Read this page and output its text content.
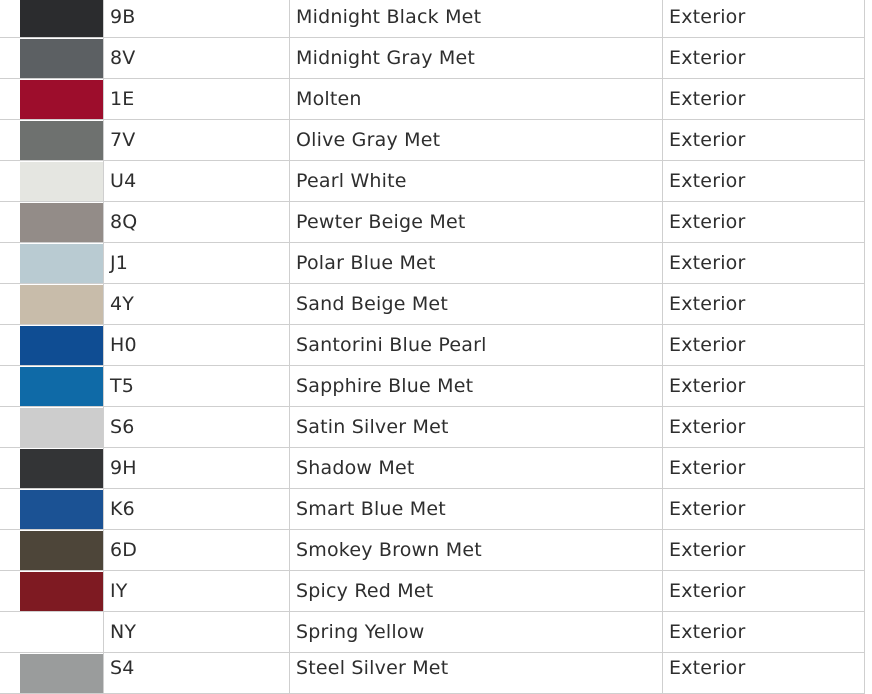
9B	Midnight Black Met	Exterior
8V	Midnight Gray Met	Exterior
1E	Molten	Exterior
7V	Olive Gray Met	Exterior
U4	Pearl White	Exterior
8Q	Pewter Beige Met	Exterior
J1	Polar Blue Met	Exterior
4Y	Sand Beige Met	Exterior
H0	Santorini Blue Pearl	Exterior
T5	Sapphire Blue Met	Exterior
S6	Satin Silver Met	Exterior
9H	Shadow Met	Exterior
K6	Smart Blue Met	Exterior
6D	Smokey Brown Met	Exterior
IY	Spicy Red Met	Exterior
NY	Spring Yellow	Exterior
S4	Steel Silver Met	Exterior
